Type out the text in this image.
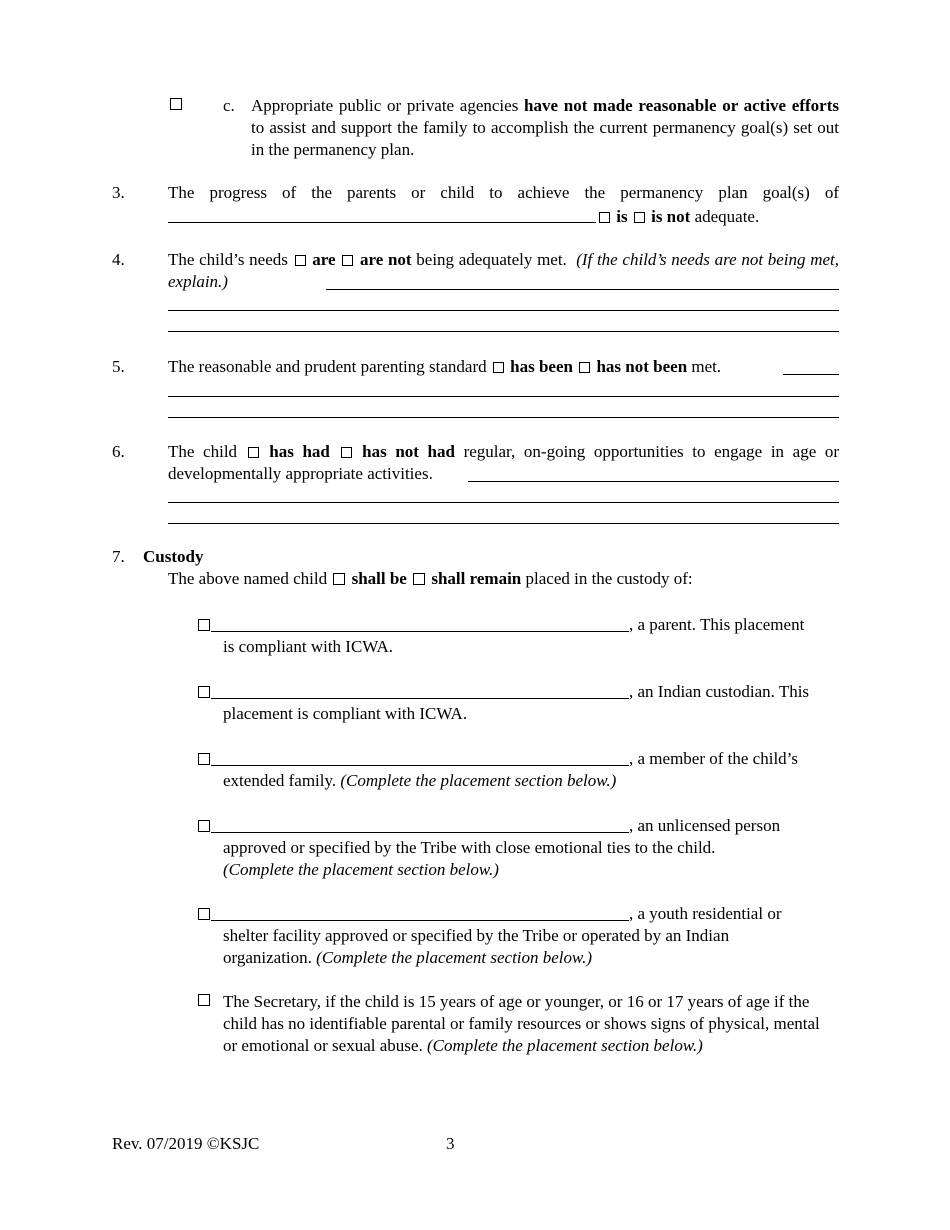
c. Appropriate public or private agencies have not made reasonable or active efforts to assist and support the family to accomplish the current permanency goal(s) set out in the permanency plan.
3.	The progress of the parents or child to achieve the permanency plan goal(s) of
is is not adequate.
4.	The child’s needs  are are not being adequately met. (If the child’s needs are not being met, explain.)
5.	The reasonable and prudent parenting standard  has been has not been met.
6.	The child  has had has not had regular, on-going opportunities to engage in age or developmentally appropriate activities.
7. Custody
The above named child  shall be shall remain placed in the custody of:
, a parent. This placement
is compliant with ICWA.
, an Indian custodian. This
placement is compliant with ICWA.
, a member of the child’s
extended family. (Complete the placement section below.)
, an unlicensed person
approved or specified by the Tribe with close emotional ties to the child.
(Complete the placement section below.)
, a youth residential or
shelter facility approved or specified by the Tribe or operated by an Indian organization. (Complete the placement section below.)
The Secretary, if the child is 15 years of age or younger, or 16 or 17 years of age if the child has no identifiable parental or family resources or shows signs of physical, mental or emotional or sexual abuse. (Complete the placement section below.)
Rev. 07/2019 ©KSJC	3
